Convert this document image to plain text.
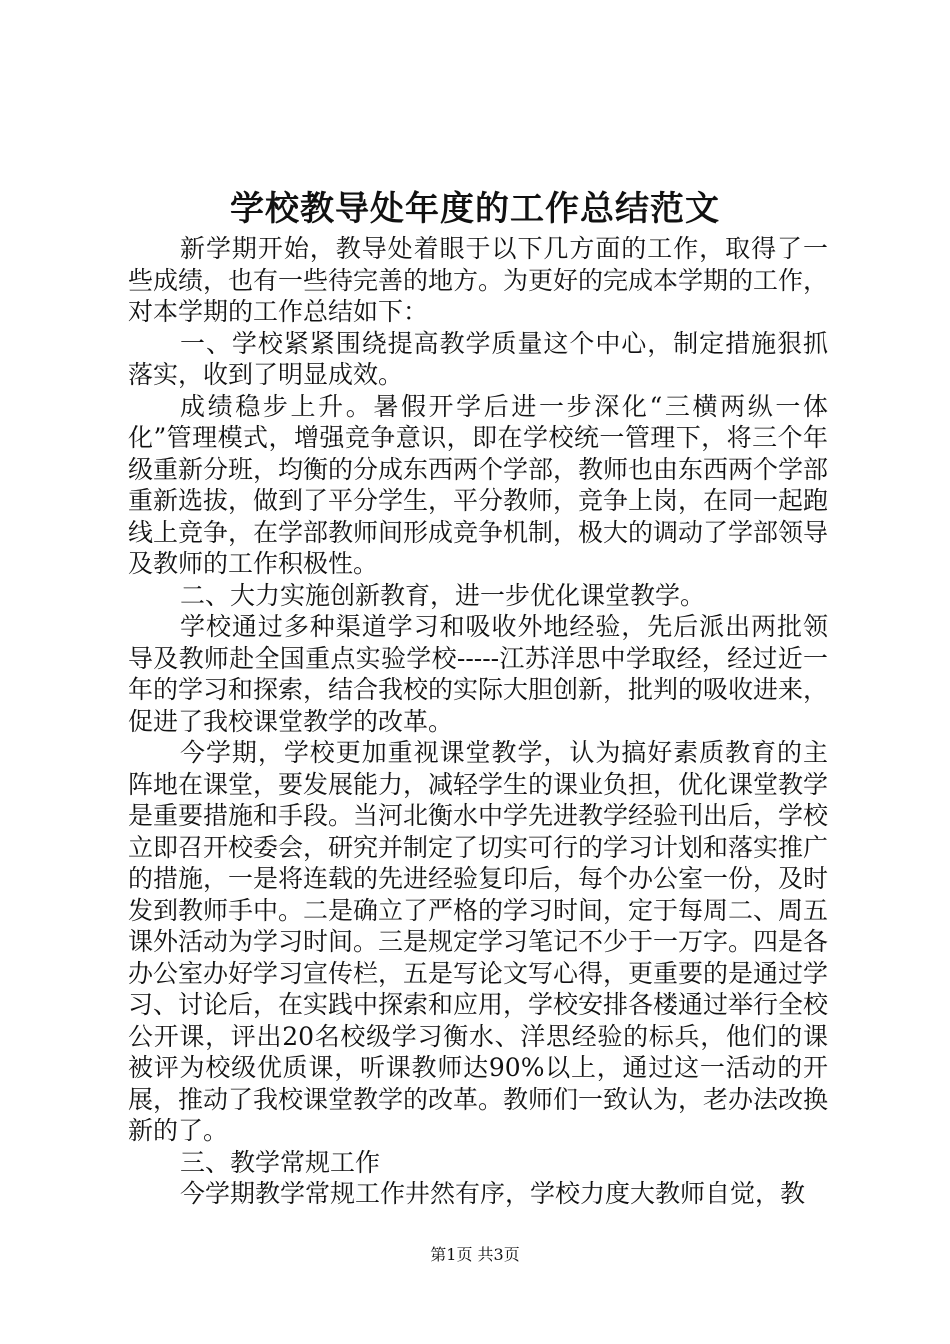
学校教导处年度的工作总结范文

新学期开始，教导处着眼于以下几方面的工作，取得了一些成绩，也有一些待完善的地方。为更好的完成本学期的工作，对本学期的工作总结如下：

一、学校紧紧围绕提高教学质量这个中心，制定措施狠抓落实，收到了明显成效。

成绩稳步上升。暑假开学后进一步深化“三横两纵一体化”管理模式，增强竞争意识，即在学校统一管理下，将三个年级重新分班，均衡的分成东西两个学部，教师也由东西两个学部重新选拔，做到了平分学生，平分教师，竞争上岗，在同一起跑线上竞争，在学部教师间形成竞争机制，极大的调动了学部领导及教师的工作积极性。

二、大力实施创新教育，进一步优化课堂教学。

学校通过多种渠道学习和吸收外地经验，先后派出两批领导及教师赴全国重点实验学校-----江苏洋思中学取经，经过近一年的学习和探索，结合我校的实际大胆创新，批判的吸收进来，促进了我校课堂教学的改革。

今学期，学校更加重视课堂教学，认为搞好素质教育的主阵地在课堂，要发展能力，减轻学生的课业负担，优化课堂教学是重要措施和手段。当河北衡水中学先进教学经验刊出后，学校立即召开校委会，研究并制定了切实可行的学习计划和落实推广的措施，一是将连载的先进经验复印后，每个办公室一份，及时发到教师手中。二是确立了严格的学习时间，定于每周二、周五课外活动为学习时间。三是规定学习笔记不少于一万字。四是各办公室办好学习宣传栏，五是写论文写心得，更重要的是通过学习、讨论后，在实践中探索和应用，学校安排各楼通过举行全校公开课，评出20名校级学习衡水、洋思经验的标兵，他们的课被评为校级优质课，听课教师达90%以上，通过这一活动的开展，推动了我校课堂教学的改革。教师们一致认为，老办法改换新的了。

三、教学常规工作

今学期教学常规工作井然有序，学校力度大教师自觉，教

第1页 共3页
